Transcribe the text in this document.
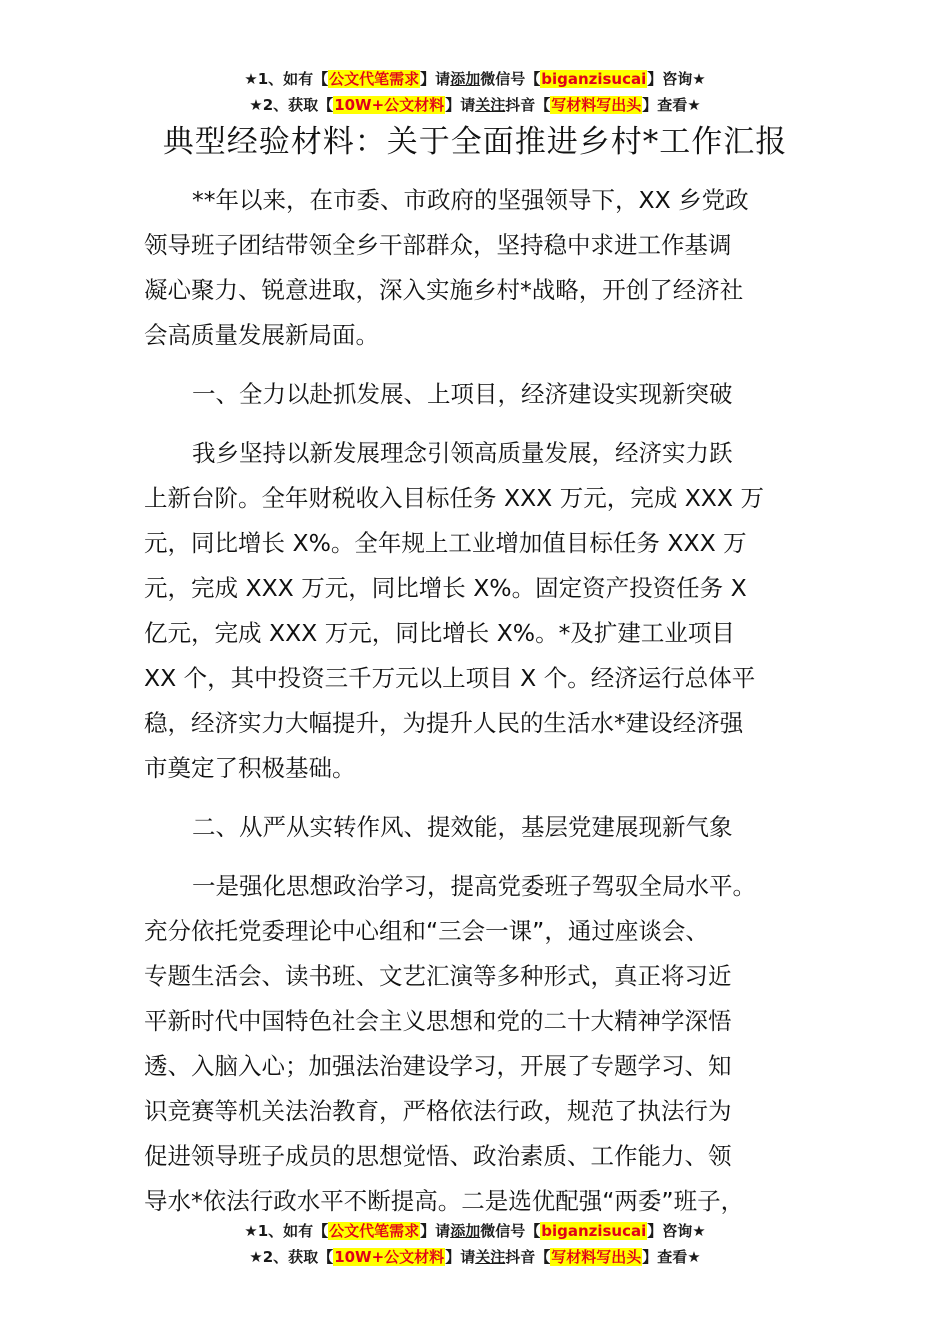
★1、如有【公文代笔需求】请添加微信号【biganzisucai】咨询★
★2、获取【10W+公文材料】请关注抖音【写材料写出头】查看★
典型经验材料：关于全面推进乡村*工作汇报

**年以来，在市委、市政府的坚强领导下，XX 乡党政
领导班子团结带领全乡干部群众，坚持稳中求进工作基调
凝心聚力、锐意进取，深入实施乡村*战略，开创了经济社
会高质量发展新局面。

一、全力以赴抓发展、上项目，经济建设实现新突破

我乡坚持以新发展理念引领高质量发展，经济实力跃
上新台阶。全年财税收入目标任务 XXX 万元，完成 XXX 万
元，同比增长 X%。全年规上工业增加值目标任务 XXX 万
元，完成 XXX 万元，同比增长 X%。固定资产投资任务 X
亿元，完成 XXX 万元，同比增长 X%。*及扩建工业项目
XX 个，其中投资三千万元以上项目 X 个。经济运行总体平
稳，经济实力大幅提升，为提升人民的生活水*建设经济强
市奠定了积极基础。

二、从严从实转作风、提效能，基层党建展现新气象

一是强化思想政治学习，提高党委班子驾驭全局水平。
充分依托党委理论中心组和“三会一课”，通过座谈会、
专题生活会、读书班、文艺汇演等多种形式，真正将习近
平新时代中国特色社会主义思想和党的二十大精神学深悟
透、入脑入心；加强法治建设学习，开展了专题学习、知
识竞赛等机关法治教育，严格依法行政，规范了执法行为
促进领导班子成员的思想觉悟、政治素质、工作能力、领
导水*依法行政水平不断提高。二是选优配强“两委”班子，

★1、如有【公文代笔需求】请添加微信号【biganzisucai】咨询★
★2、获取【10W+公文材料】请关注抖音【写材料写出头】查看★
